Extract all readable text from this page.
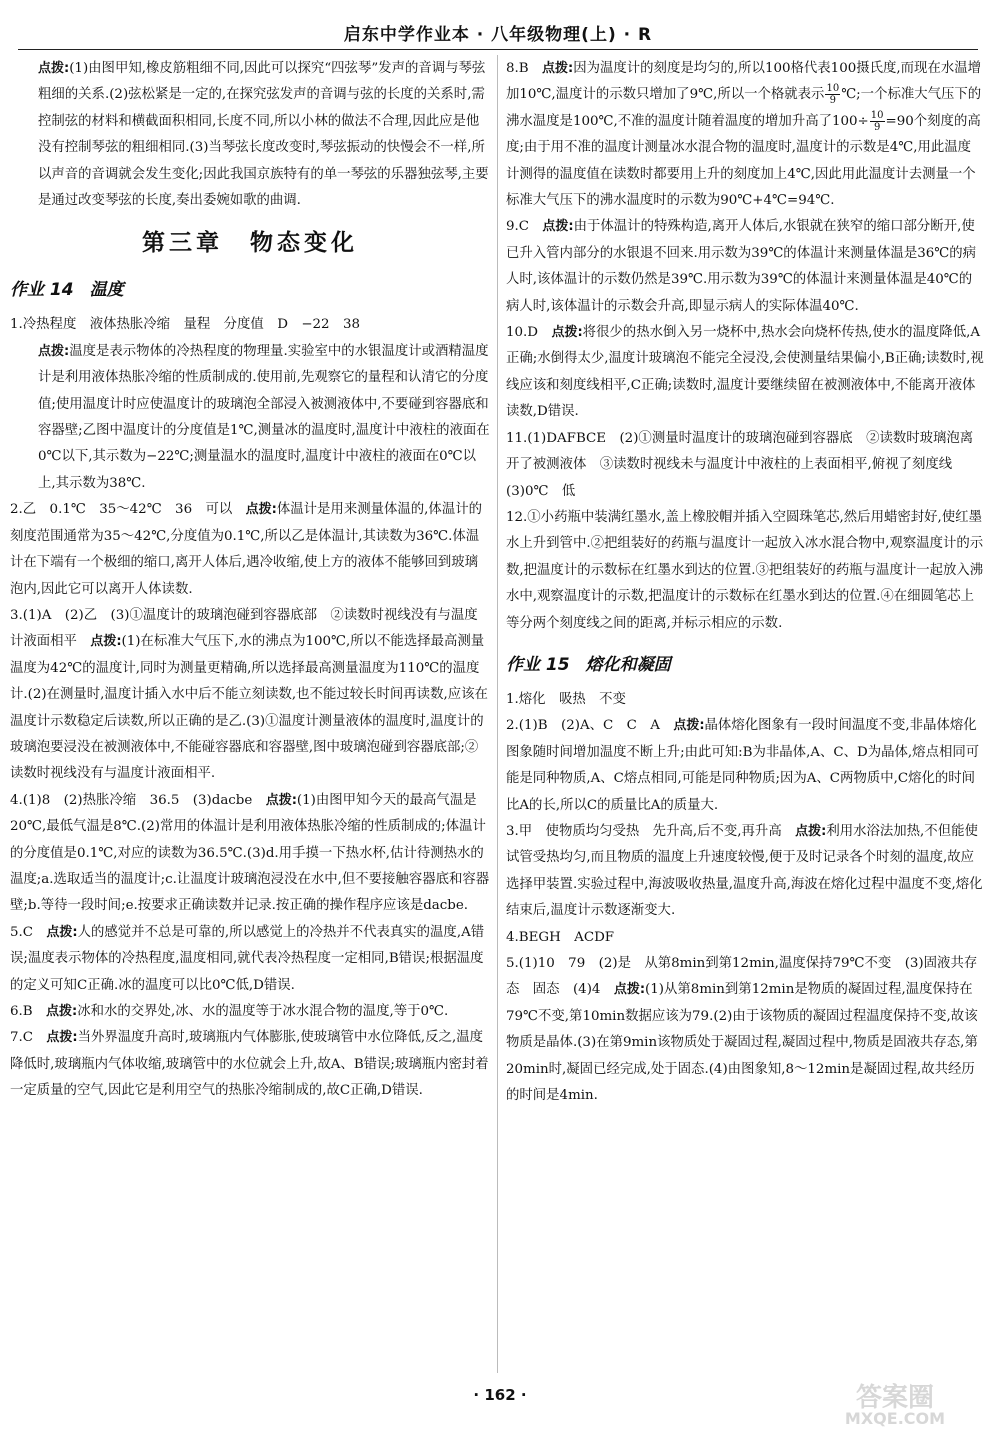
启东中学作业本 · 八年级物理(上) · R
点拨:(1)由图甲知,橡皮筋粗细不同,因此可以探究“四弦琴”发声的音调与琴弦粗细的关系.(2)弦松紧是一定的,在探究弦发声的音调与弦的长度的关系时,需控制弦的材料和横截面积相同,长度不同,所以小林的做法不合理,因此应是他没有控制琴弦的粗细相同.(3)当琴弦长度改变时,琴弦振动的快慢会不一样,所以声音的音调就会发生变化;因此我国京族特有的单一琴弦的乐器独弦琴,主要是通过改变琴弦的长度,奏出委婉如歌的曲调.
第三章　物态变化
作业 14 温度
1.冷热程度　液体热胀冷缩　量程　分度值　D　−22　38
点拨:温度是表示物体的冷热程度的物理量.实验室中的水银温度计或酒精温度计是利用液体热胀冷缩的性质制成的.使用前,先观察它的量程和认清它的分度值;使用温度计时应使温度计的玻璃泡全部浸入被测液体中,不要碰到容器底和容器壁;乙图中温度计的分度值是1℃,测量冰的温度时,温度计中液柱的液面在0℃以下,其示数为−22℃;测量温水的温度时,温度计中液柱的液面在0℃以上,其示数为38℃.
2.乙　0.1℃　35～42℃　36　可以　点拨:体温计是用来测量体温的,体温计的刻度范围通常为35～42℃,分度值为0.1℃,所以乙是体温计,其读数为36℃.体温计在下端有一个极细的缩口,离开人体后,遇冷收缩,使上方的液体不能够回到玻璃泡内,因此它可以离开人体读数.
3.(1)A　(2)乙　(3)①温度计的玻璃泡碰到容器底部　②读数时视线没有与温度计液面相平　点拨:(1)在标准大气压下,水的沸点为100℃,所以不能选择最高测量温度为42℃的温度计,同时为测量更精确,所以选择最高测量温度为110℃的温度计.(2)在测量时,温度计插入水中后不能立刻读数,也不能过较长时间再读数,应该在温度计示数稳定后读数,所以正确的是乙.(3)①温度计测量液体的温度时,温度计的玻璃泡要浸没在被测液体中,不能碰容器底和容器壁,图中玻璃泡碰到容器底部;②读数时视线没有与温度计液面相平.
4.(1)8　(2)热胀冷缩　36.5　(3)dacbe　点拨:(1)由图甲知今天的最高气温是20℃,最低气温是8℃.(2)常用的体温计是利用液体热胀冷缩的性质制成的;体温计的分度值是0.1℃,对应的读数为36.5℃.(3)d.用手摸一下热水杯,估计待测热水的温度;a.选取适当的温度计;c.让温度计玻璃泡浸没在水中,但不要接触容器底和容器壁;b.等待一段时间;e.按要求正确读数并记录.按正确的操作程序应该是dacbe.
5.C　点拨:人的感觉并不总是可靠的,所以感觉上的冷热并不代表真实的温度,A错误;温度表示物体的冷热程度,温度相同,就代表冷热程度一定相同,B错误;根据温度的定义可知C正确.冰的温度可以比0℃低,D错误.
6.B　点拨:冰和水的交界处,冰、水的温度等于冰水混合物的温度,等于0℃.
7.C　点拨:当外界温度升高时,玻璃瓶内气体膨胀,使玻璃管中水位降低,反之,温度降低时,玻璃瓶内气体收缩,玻璃管中的水位就会上升,故A、B错误;玻璃瓶内密封着一定质量的空气,因此它是利用空气的热胀冷缩制成的,故C正确,D错误.
8.B　点拨:因为温度计的刻度是均匀的,所以100格代表100摄氏度,而现在水温增加10℃,温度计的示数只增加了9℃,所以一个格就表示 $\frac{10}{9}$ ℃;一个标准大气压下的沸水温度是100℃,不准的温度计随着温度的增加升高了$100\div \frac{10}{9} =90$个刻度的高度;由于用不准的温度计测量冰水混合物的温度时,温度计的示数是4℃,用此温度计测得的温度值在读数时都要用上升的刻度加上4℃,因此用此温度计去测量一个标准大气压下的沸水温度时的示数为90℃+4℃=94℃.
9.C　点拨:由于体温计的特殊构造,离开人体后,水银就在狭窄的缩口部分断开,使已升入管内部分的水银退不回来.用示数为39℃的体温计来测量体温是36℃的病人时,该体温计的示数仍然是39℃.用示数为39℃的体温计来测量体温是40℃的病人时,该体温计的示数会升高,即显示病人的实际体温40℃.
10.D　点拨:将很少的热水倒入另一烧杯中,热水会向烧杯传热,使水的温度降低,A正确;水倒得太少,温度计玻璃泡不能完全浸没,会使测量结果偏小,B正确;读数时,视线应该和刻度线相平,C正确;读数时,温度计要继续留在被测液体中,不能离开液体读数,D错误.
11.(1)DAFBCE　(2)①测量时温度计的玻璃泡碰到容器底　②读数时玻璃泡离开了被测液体　③读数时视线未与温度计中液柱的上表面相平,俯视了刻度线　(3)0℃　低
12.①小药瓶中装满红墨水,盖上橡胶帽并插入空圆珠笔芯,然后用蜡密封好,使红墨水上升到管中.②把组装好的药瓶与温度计一起放入冰水混合物中,观察温度计的示数,把温度计的示数标在红墨水到达的位置.③把组装好的药瓶与温度计一起放入沸水中,观察温度计的示数,把温度计的示数标在红墨水到达的位置.④在细圆笔芯上等分两个刻度线之间的距离,并标示相应的示数.
作业 15 熔化和凝固
1.熔化　吸热　不变
2.(1)B　(2)A、C　C　A　点拨:晶体熔化图象有一段时间温度不变,非晶体熔化图象随时间增加温度不断上升;由此可知:B为非晶体,A、C、D为晶体,熔点相同可能是同种物质,A、C熔点相同,可能是同种物质;因为A、C两物质中,C熔化的时间比A的长,所以C的质量比A的质量大.
3.甲　使物质均匀受热　先升高,后不变,再升高　点拨:利用水浴法加热,不但能使试管受热均匀,而且物质的温度上升速度较慢,便于及时记录各个时刻的温度,故应选择甲装置.实验过程中,海波吸收热量,温度升高,海波在熔化过程中温度不变,熔化结束后,温度计示数逐渐变大.
4.BEGH　ACDF
5.(1)10　79　(2)是　从第8min到第12min,温度保持79℃不变　(3)固液共存态　固态　(4)4　点拨:(1)从第8min到第12min是物质的凝固过程,温度保持在79℃不变,第10min数据应该为79.(2)由于该物质的凝固过程温度保持不变,故该物质是晶体.(3)在第9min该物质处于凝固过程,凝固过程中,物质是固液共存态,第20min时,凝固已经完成,处于固态.(4)由图象知,8～12min是凝固过程,故共经历的时间是4min.
· 162 ·	答案圈
MXQE.COM
